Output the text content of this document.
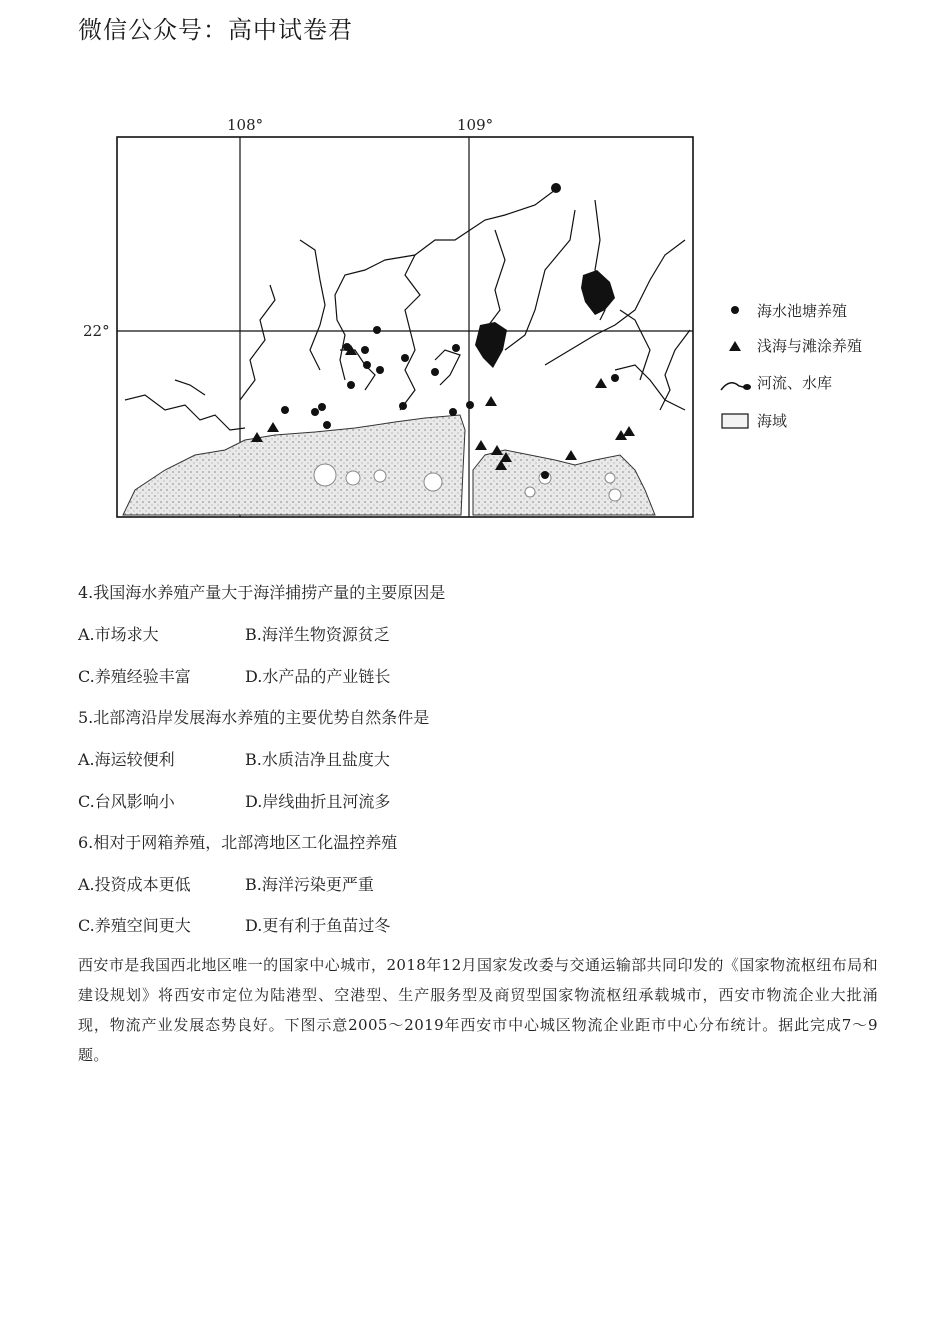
微信公众号：高中试卷君
108°	109°
22°
海水池塘养殖
浅海与滩涂养殖
河流、水库
海域
4.我国海水养殖产量大于海洋捕捞产量的主要原因是
A.市场求大	B.海洋生物资源贫乏
C.养殖经验丰富	D.水产品的产业链长
5.北部湾沿岸发展海水养殖的主要优势自然条件是
A.海运较便利	B.水质洁净且盐度大
C.台风影响小	D.岸线曲折且河流多
6.相对于网箱养殖，北部湾地区工化温控养殖
A.投资成本更低	B.海洋污染更严重
C.养殖空间更大	D.更有利于鱼苗过冬
西安市是我国西北地区唯一的国家中心城市，2018年12月国家发改委与交通运输部共同印发的《国家物流枢纽布局和建设规划》将西安市定位为陆港型、空港型、生产服务型及商贸型国家物流枢纽承载城市，西安市物流企业大批涌现，物流产业发展态势良好。下图示意2005～2019年西安市中心城区物流企业距市中心分布统计。据此完成7～9题。
